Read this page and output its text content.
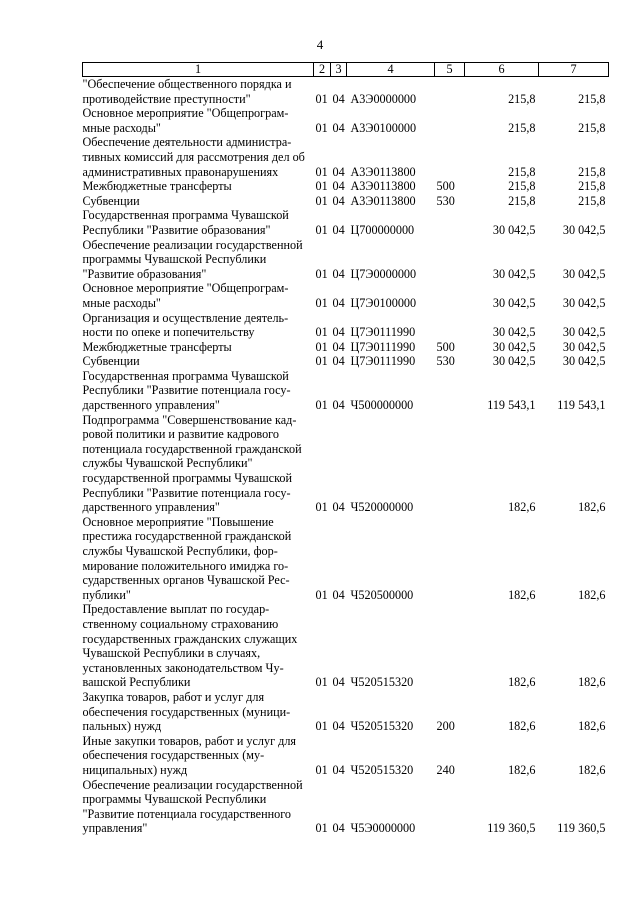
4
1	2	3	4	5	6	7
"Обеспечение общественного порядка и противодействие преступности"	01	04	А3Э0000000		215,8	215,8
Основное мероприятие "Общепрограммные расходы"	01	04	А3Э0100000		215,8	215,8
Обеспечение деятельности административных комиссий для рассмотрения дел об административных правонарушениях	01	04	А3Э0113800		215,8	215,8
Межбюджетные трансферты	01	04	А3Э0113800	500	215,8	215,8
Субвенции	01	04	А3Э0113800	530	215,8	215,8
Государственная программа Чувашской Республики "Развитие образования"	01	04	Ц700000000		30 042,5	30 042,5
Обеспечение реализации государственной программы Чувашской Республики "Развитие образования"	01	04	Ц7Э0000000		30 042,5	30 042,5
Основное мероприятие "Общепрограммные расходы"	01	04	Ц7Э0100000		30 042,5	30 042,5
Организация и осуществление деятельности по опеке и попечительству	01	04	Ц7Э0111990		30 042,5	30 042,5
Межбюджетные трансферты	01	04	Ц7Э0111990	500	30 042,5	30 042,5
Субвенции	01	04	Ц7Э0111990	530	30 042,5	30 042,5
Государственная программа Чувашской Республики "Развитие потенциала государственного управления"	01	04	Ч500000000		119 543,1	119 543,1
Подпрограмма "Совершенствование кадровой политики и развитие кадрового потенциала государственной гражданской службы Чувашской Республики" государственной программы Чувашской Республики "Развитие потенциала государственного управления"	01	04	Ч520000000		182,6	182,6
Основное мероприятие "Повышение престижа государственной гражданской службы Чувашской Республики, формирование положительного имиджа государственных органов Чувашской Республики"	01	04	Ч520500000		182,6	182,6
Предоставление выплат по государственному социальному страхованию государственных гражданских служащих Чувашской Республики в случаях, установленных законодательством Чувашской Республики	01	04	Ч520515320		182,6	182,6
Закупка товаров, работ и услуг для обеспечения государственных (муниципальных) нужд	01	04	Ч520515320	200	182,6	182,6
Иные закупки товаров, работ и услуг для обеспечения государственных (муниципальных) нужд	01	04	Ч520515320	240	182,6	182,6
Обеспечение реализации государственной программы Чувашской Республики "Развитие потенциала государственного управления"	01	04	Ч5Э0000000		119 360,5	119 360,5
